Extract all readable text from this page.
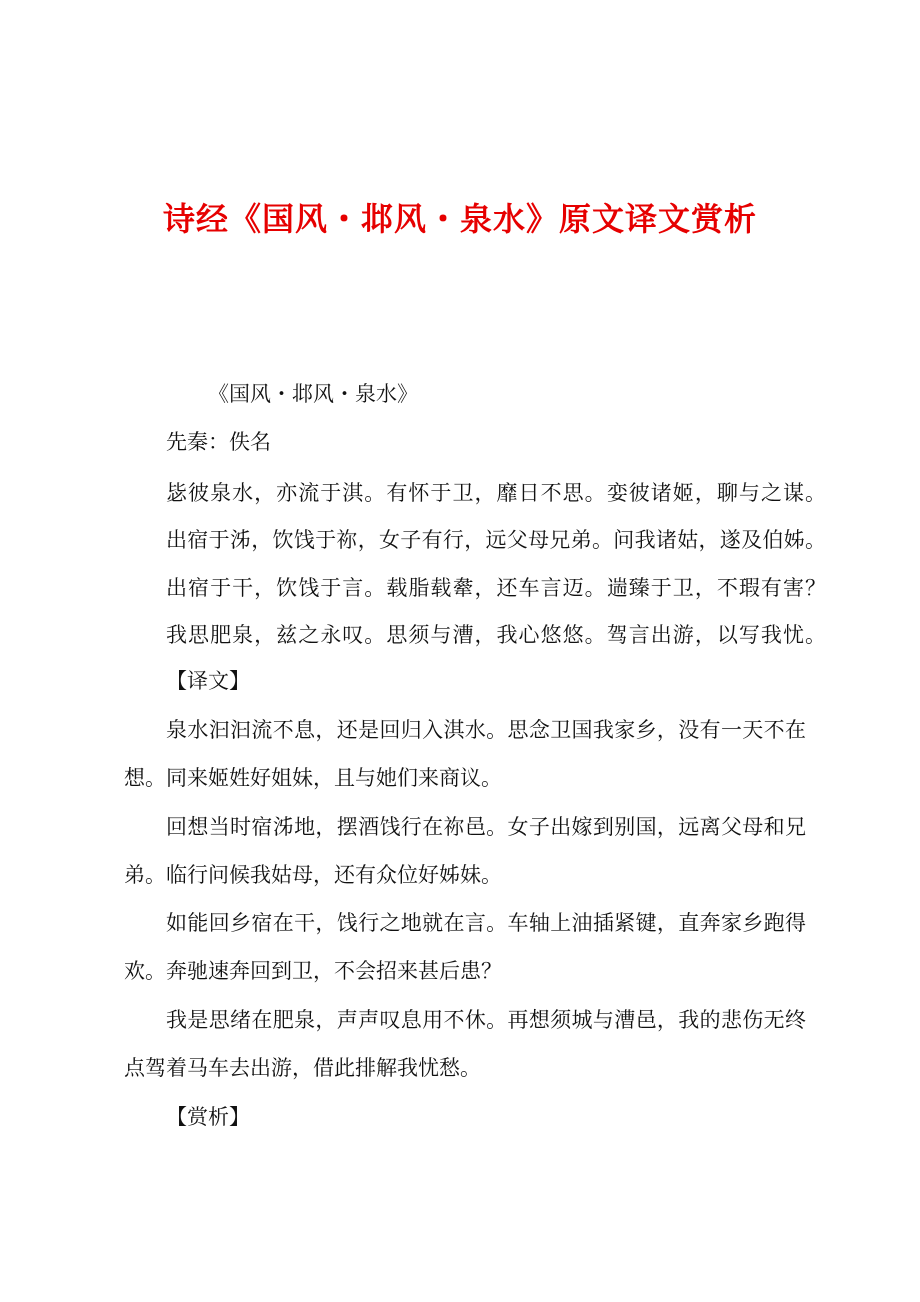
诗经《国风・邶风・泉水》原文译文赏析
《国风・邶风・泉水》
先秦：佚名
毖彼泉水，亦流于淇。有怀于卫，靡日不思。娈彼诸姬，聊与之谋。
出宿于泲，饮饯于祢，女子有行，远父母兄弟。问我诸姑，遂及伯姊。
出宿于干，饮饯于言。载脂载舝，还车言迈。遄臻于卫，不瑕有害？
我思肥泉，兹之永叹。思须与漕，我心悠悠。驾言出游，以写我忧。
【译文】
泉水汩汩流不息，还是回归入淇水。思念卫国我家乡，没有一天不在
想。同来姬姓好姐妹，且与她们来商议。
回想当时宿泲地，摆酒饯行在祢邑。女子出嫁到别国，远离父母和兄
弟。临行问候我姑母，还有众位好姊妹。
如能回乡宿在干，饯行之地就在言。车轴上油插紧键，直奔家乡跑得
欢。奔驰速奔回到卫，不会招来甚后患？
我是思绪在肥泉，声声叹息用不休。再想须城与漕邑，我的悲伤无终
点驾着马车去出游，借此排解我忧愁。
【赏析】
